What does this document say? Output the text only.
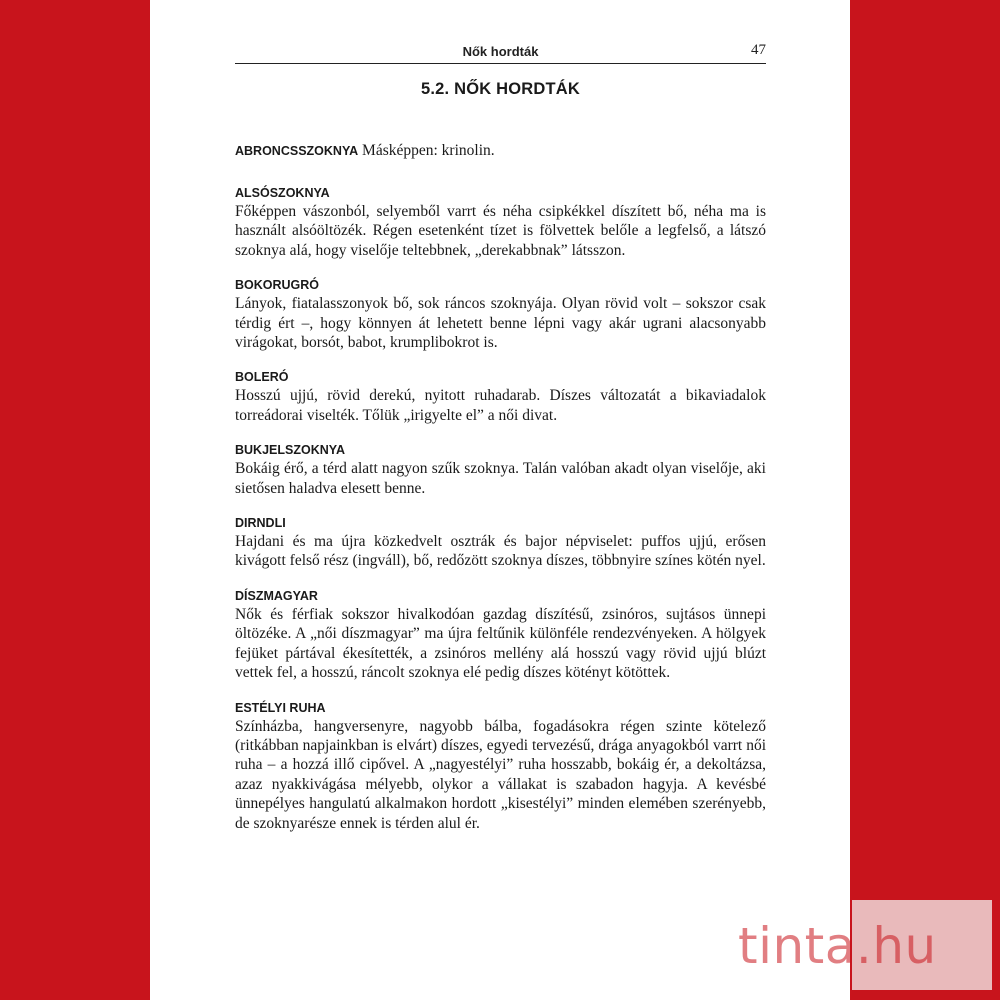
Nők hordták	47
5.2. NŐK HORDTÁK
ABRONCSSZOKNYA Másképpen: krinolin.
ALSÓSZOKNYA

Főképpen vászonból, selyemből varrt és néha csipkékkel díszített bő, néha ma is használt alsóöltözék. Régen esetenként tízet is fölvettek belőle a legfelső, a látszó szoknya alá, hogy viselője teltebbnek, „derekabbnak” látsszon.

BOKORUGRÓ

Lányok, fiatalasszonyok bő, sok ráncos szoknyája. Olyan rövid volt – sokszor csak térdig ért –, hogy könnyen át lehetett benne lépni vagy akár ugrani alacsonyabb virágokat, borsót, babot, krumplibokrot is.

BOLERÓ

Hosszú ujjú, rövid derekú, nyitott ruhadarab. Díszes változatát a bikaviadalok torreádorai viselték. Tőlük „irigyelte el” a női divat.

BUKJELSZOKNYA

Bokáig érő, a térd alatt nagyon szűk szoknya. Talán valóban akadt olyan viselője, aki sietősen haladva elesett benne.

DIRNDLI

Hajdani és ma újra közkedvelt osztrák és bajor népviselet: puffos ujjú, erősen kivágott felső rész (ingváll), bő, redőzött szoknya díszes, többnyire színes kötén nyel.

DÍSZMAGYAR

Nők és férfiak sokszor hivalkodóan gazdag díszítésű, zsinóros, sujtásos ünnepi öltözéke. A „női díszmagyar” ma újra feltűnik különféle rendezvényeken. A hölgyek fejüket pártával ékesítették, a zsinóros mellény alá hosszú vagy rövid ujjú blúzt vettek fel, a hosszú, ráncolt szoknya elé pedig díszes kötényt kötöttek.

ESTÉLYI RUHA

Színházba, hangversenyre, nagyobb bálba, fogadásokra régen szinte kötelező (ritkábban napjainkban is elvárt) díszes, egyedi tervezésű, drága anyagokból varrt női ruha – a hozzá illő cipővel. A „nagyestélyi” ruha hosszabb, bokáig ér, a dekoltázsa, azaz nyakkivágása mélyebb, olykor a vállakat is szabadon hagyja. A kevésbé ünnepélyes hangulatú alkalmakon hordott „kisestélyi” minden elemében szerényebb, de szoknyarésze ennek is térden alul ér.

tinta.hu
